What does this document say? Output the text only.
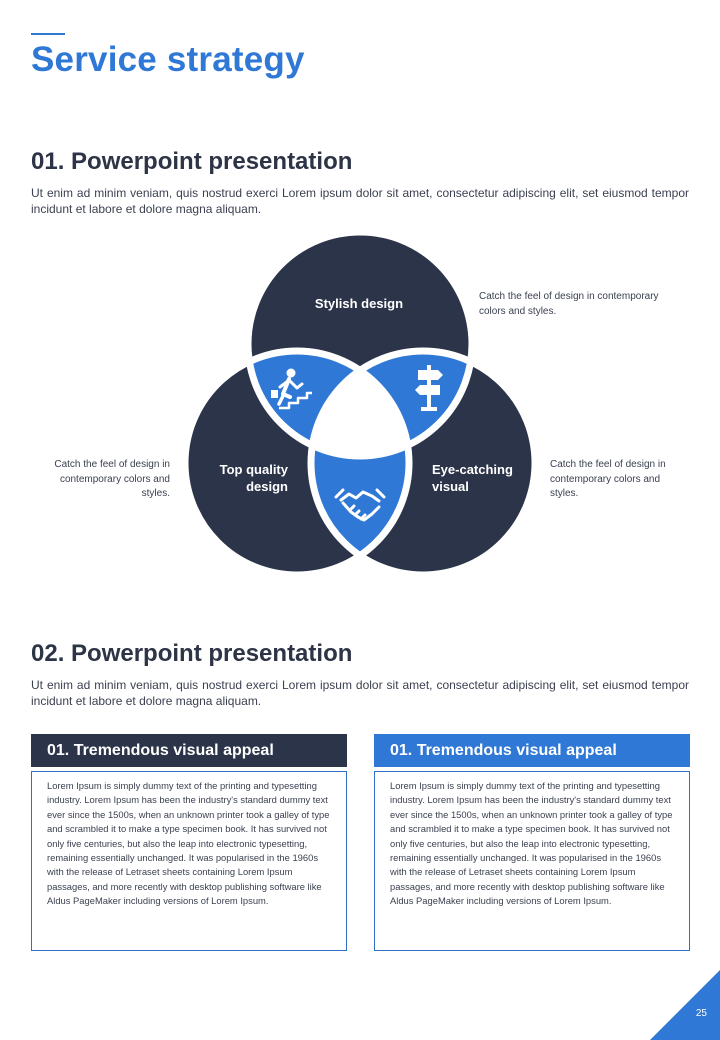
Service strategy
01. Powerpoint presentation

Ut enim ad minim veniam, quis nostrud exerci Lorem ipsum dolor sit amet, consectetur adipiscing elit, set eiusmod tempor incidunt et labore et dolore magna aliquam.

Stylish design
Top quality design
Eye-catching visual
Catch the feel of design in contemporary colors and styles.
Catch the feel of design in contemporary colors and styles.
Catch the feel of design in contemporary colors and styles.
02. Powerpoint presentation

Ut enim ad minim veniam, quis nostrud exerci Lorem ipsum dolor sit amet, consectetur adipiscing elit, set eiusmod tempor incidunt et labore et dolore magna aliquam.

01. Tremendous visual appeal
Lorem Ipsum is simply dummy text of the printing and typesetting industry. Lorem Ipsum has been the industry's standard dummy text ever since the 1500s, when an unknown printer took a galley of type and scrambled it to make a type specimen book. It has survived not only five centuries, but also the leap into electronic typesetting, remaining essentially unchanged. It was popularised in the 1960s with the release of Letraset sheets containing Lorem Ipsum passages, and more recently with desktop publishing software like Aldus PageMaker including versions of Lorem Ipsum.
01. Tremendous visual appeal
Lorem Ipsum is simply dummy text of the printing and typesetting industry. Lorem Ipsum has been the industry's standard dummy text ever since the 1500s, when an unknown printer took a galley of type and scrambled it to make a type specimen book. It has survived not only five centuries, but also the leap into electronic typesetting, remaining essentially unchanged. It was popularised in the 1960s with the release of Letraset sheets containing Lorem Ipsum passages, and more recently with desktop publishing software like Aldus PageMaker including versions of Lorem Ipsum.
25
